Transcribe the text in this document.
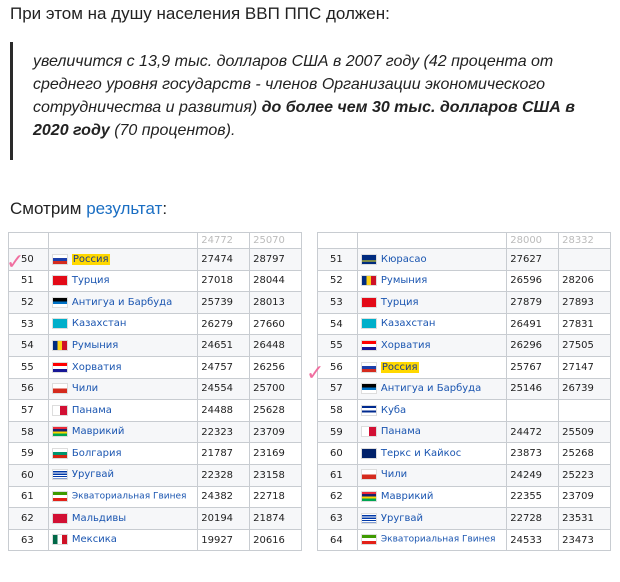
При этом на душу населения ВВП ППС должен:
увеличится с 13,9 тыс. долларов США в 2007 году (42 процента от среднего уровня государств - членов Организации экономического сотрудничества и развития) до более чем 30 тыс. долларов США в 2020 году (70 процентов).
Смотрим результат:
		24772	25070
50	Россия	27474	28797
51	Турция	27018	28044
52	Антигуа и Барбуда	25739	28013
53	Казахстан	26279	27660
54	Румыния	24651	26448
55	Хорватия	24757	26256
56	Чили	24554	25700
57	Панама	24488	25628
58	Маврикий	22323	23709
59	Болгария	21787	23169
60	Уругвай	22328	23158
61	Экваториальная Гвинея	24382	22718
62	Мальдивы	20194	21874
63	Мексика	19927	20616
		28000	28332
51	Кюрасао	27627	
52	Румыния	26596	28206
53	Турция	27879	27893
54	Казахстан	26491	27831
55	Хорватия	26296	27505
56	Россия	25767	27147
57	Антигуа и Барбуда	25146	26739
58	Куба		
59	Панама	24472	25509
60	Теркс и Кайкос	23873	25268
61	Чили	24249	25223
62	Маврикий	22355	23709
63	Уругвай	22728	23531
64	Экваториальная Гвинея	24533	23473
✓
✓
